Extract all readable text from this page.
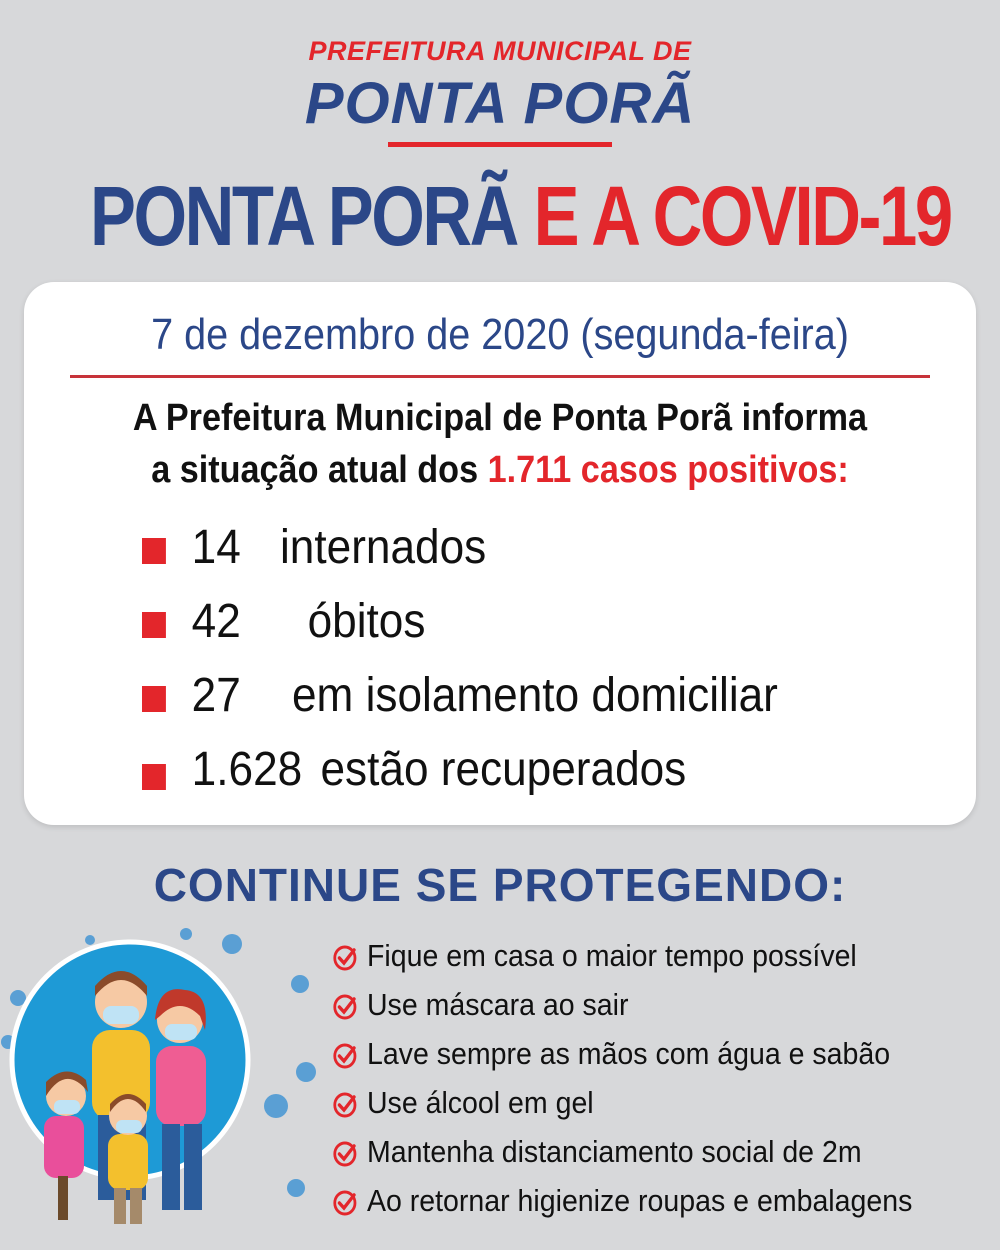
PREFEITURA MUNICIPAL DE
PONTA PORÃ
PONTA PORÃ E A COVID-19
7 de dezembro de 2020 (segunda-feira)
A Prefeitura Municipal de Ponta Porã informa
a situação atual dos 1.711 casos positivos:
14 internados
42 óbitos
27 em isolamento domiciliar
1.628 estão recuperados
CONTINUE SE PROTEGENDO:
Fique em casa o maior tempo possível
Use máscara ao sair
Lave sempre as mãos com água e sabão
Use álcool em gel
Mantenha distanciamento social de 2m
Ao retornar higienize roupas e embalagens
